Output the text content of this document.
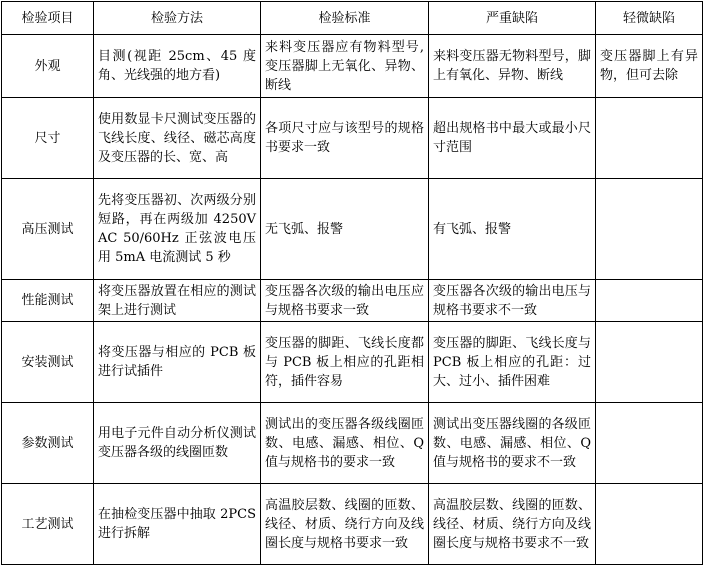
检验项目	检验方法	检验标准	严重缺陷	轻微缺陷
外观	目测(视距 25cm、45 度角、光线强的地方看)	来料变压器应有物料型号,变压器脚上无氧化、异物、断线	来料变压器无物料型号，脚上有氧化、异物、断线	变压器脚上有异物，但可去除
尺寸	使用数显卡尺测试变压器的飞线长度、线径、磁芯高度及变压器的长、宽、高	各项尺寸应与该型号的规格书要求一致	超出规格书中最大或最小尺寸范围	
高压测试	先将变压器初、次两级分别短路，再在两级加 4250VAC 50/60Hz 正弦波电压用 5mA 电流测试 5 秒	无飞弧、报警	有飞弧、报警	
性能测试	将变压器放置在相应的测试架上进行测试	变压器各次级的输出电压应与规格书要求一致	变压器各次级的输出电压与规格书要求不一致	
安装测试	将变压器与相应的 PCB 板进行试插件	变压器的脚距、飞线长度都与 PCB 板上相应的孔距相符，插件容易	变压器的脚距、飞线长度与 PCB 板上相应的孔距：过大、过小、插件困难	
参数测试	用电子元件自动分析仪测试变压器各级的线圈匝数	测试出的变压器各级线圈匝数、电感、漏感、相位、Q 值与规格书的要求一致	测试出变压器线圈的各级匝数、电感、漏感、相位、Q 值与规格书的要求不一致	
工艺测试	在抽检变压器中抽取 2PCS 进行拆解	高温胶层数、线圈的匝数、线径、材质、绕行方向及线圈长度与规格书要求一致	高温胶层数、线圈的匝数、线径、材质、绕行方向及线圈长度与规格书要求不一致	
